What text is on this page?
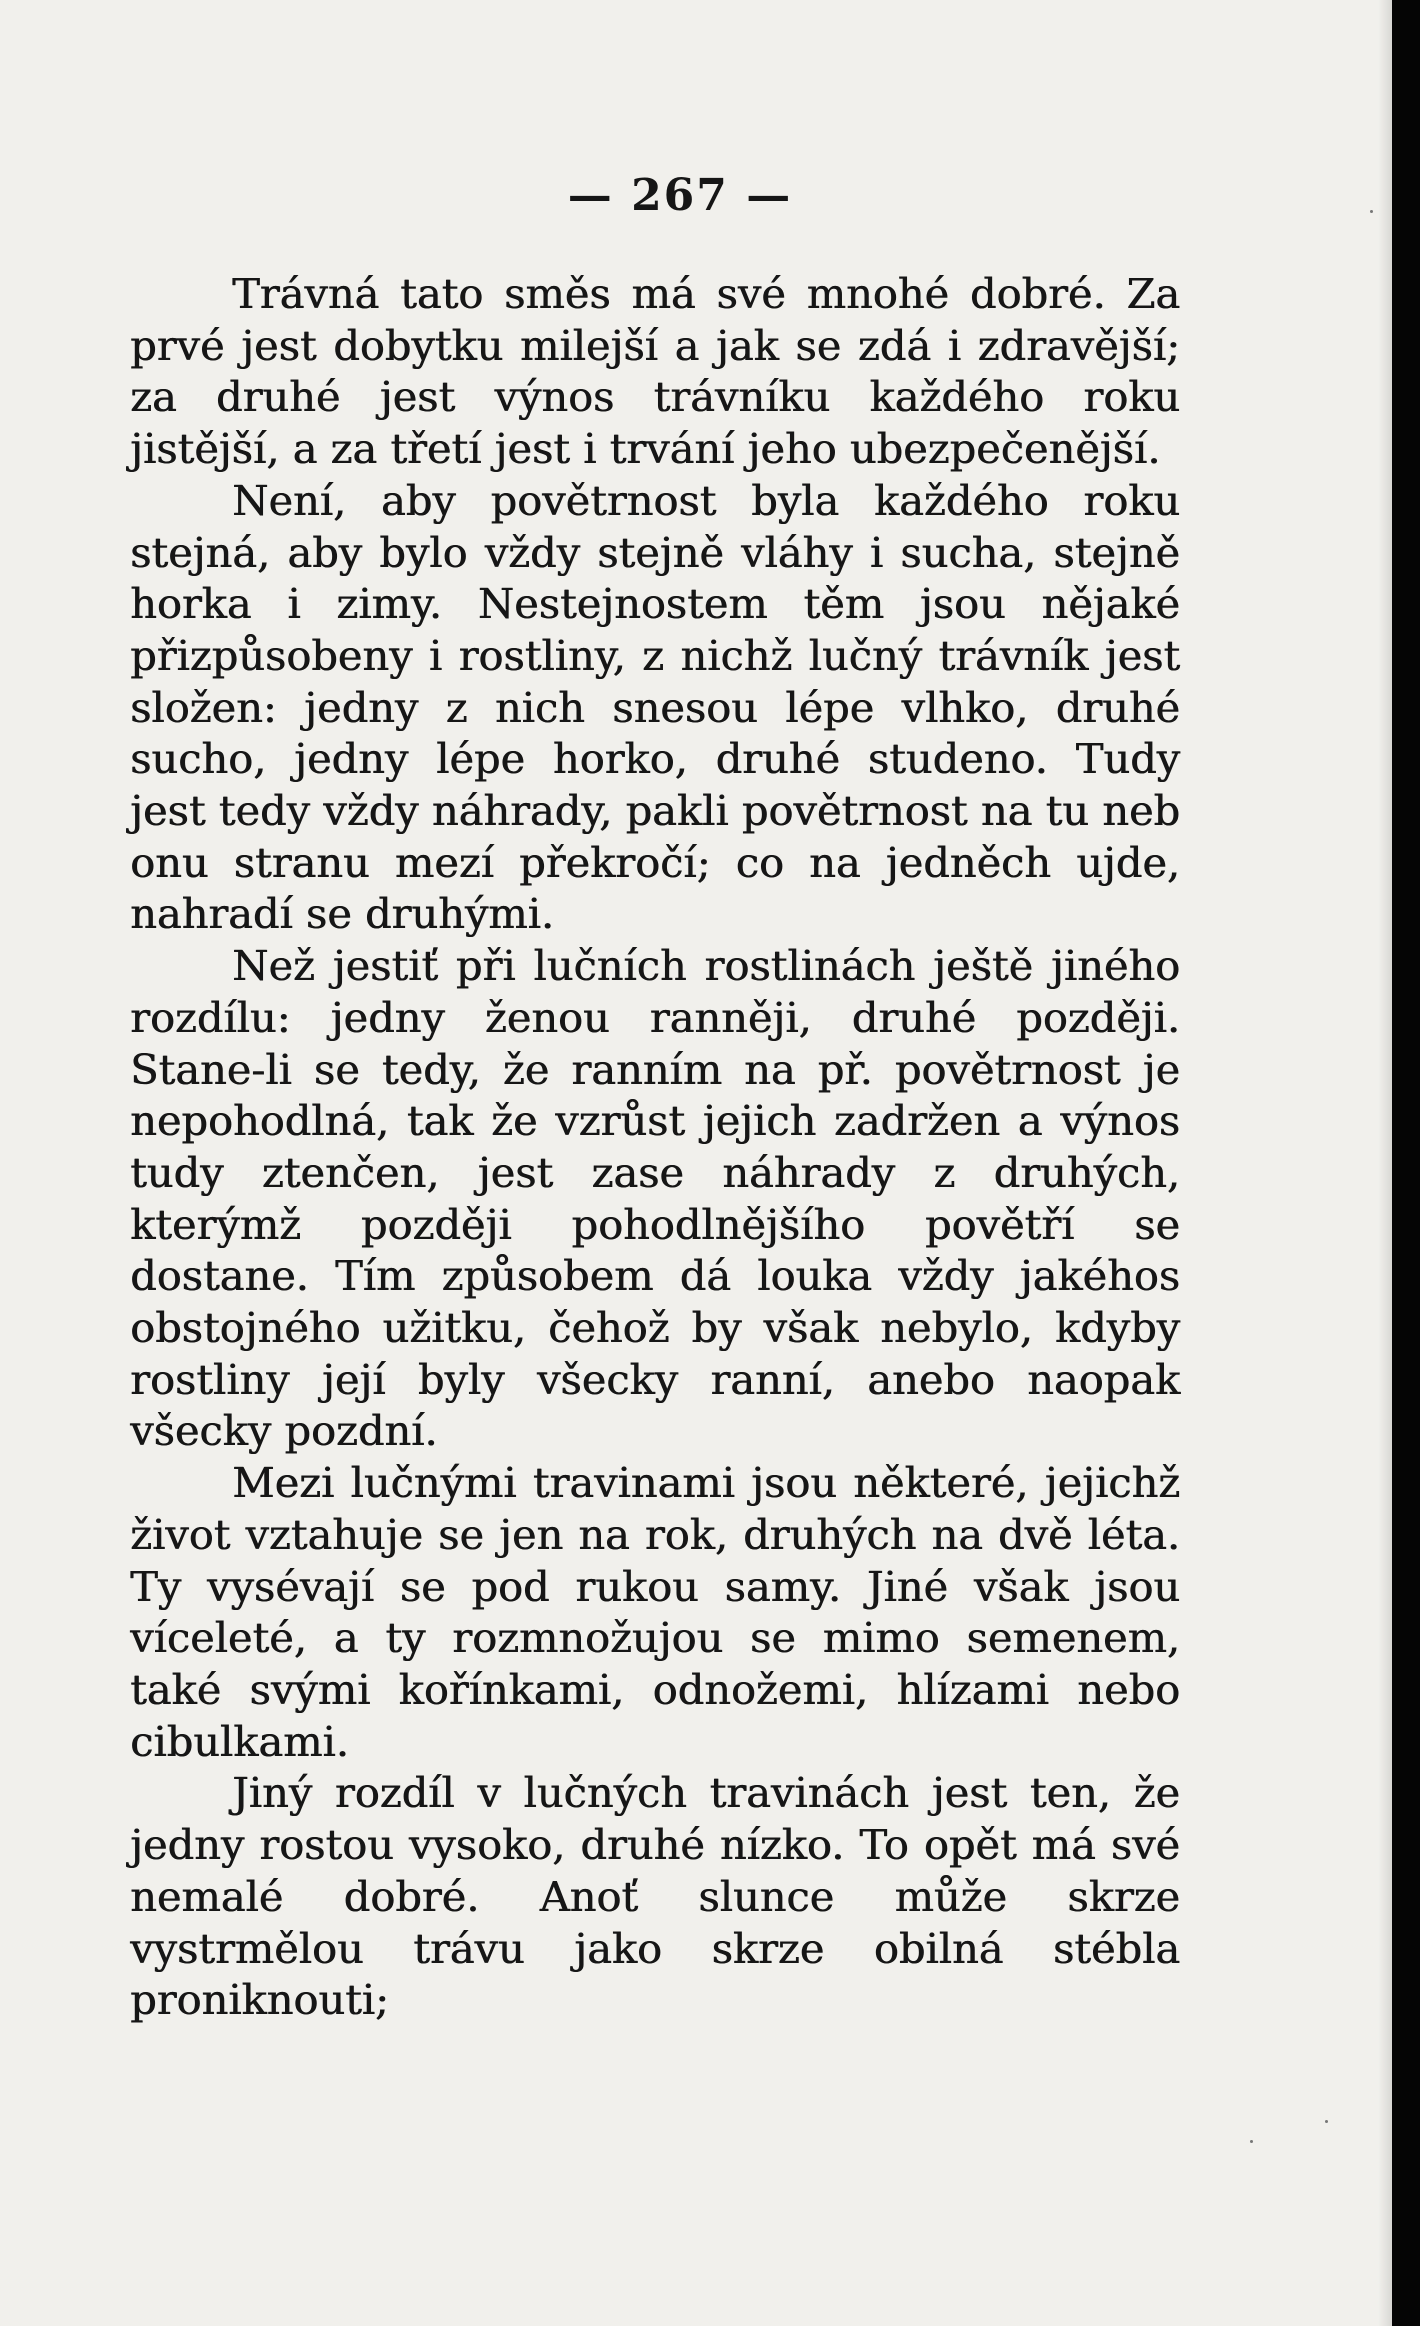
— 267 —

Trávná tato směs má své mnohé dobré. Za prvé jest dobytku milejší a jak se zdá i zdravější; za druhé jest výnos trávníku každého roku jistější, a za třetí jest i trvání jeho ubezpečenější.

Není, aby povětrnost byla každého roku stejná, aby bylo vždy stejně vláhy i sucha, stejně horka i zimy. Nestejnostem těm jsou nějaké přizpůsobeny i rostliny, z nichž lučný trávník jest složen: jedny z nich snesou lépe vlhko, druhé sucho, jedny lépe horko, druhé studeno. Tudy jest tedy vždy náhrady, pakli povětrnost na tu neb onu stranu mezí překročí; co na jedněch ujde, nahradí se druhými.

Než jestiť při lučních rostlinách ještě jiného rozdílu: jedny ženou ranněji, druhé později. Stane-li se tedy, že ranním na př. povětrnost je nepohodlná, tak že vzrůst jejich zadržen a výnos tudy ztenčen, jest zase náhrady z druhých, kterýmž později pohodlnějšího povětří se dostane. Tím způsobem dá louka vždy jakéhos obstojného užitku, čehož by však nebylo, kdyby rostliny její byly všecky ranní, anebo naopak všecky pozdní.

Mezi lučnými travinami jsou některé, jejichž život vztahuje se jen na rok, druhých na dvě léta. Ty vysévají se pod rukou samy. Jiné však jsou víceleté, a ty rozmnožujou se mimo semenem, také svými kořínkami, odnožemi, hlízami nebo cibulkami.

Jiný rozdíl v lučných travinách jest ten, že jedny rostou vysoko, druhé nízko. To opět má své nemalé dobré. Anoť slunce může skrze vystrmělou trávu jako skrze obilná stébla proniknouti;
